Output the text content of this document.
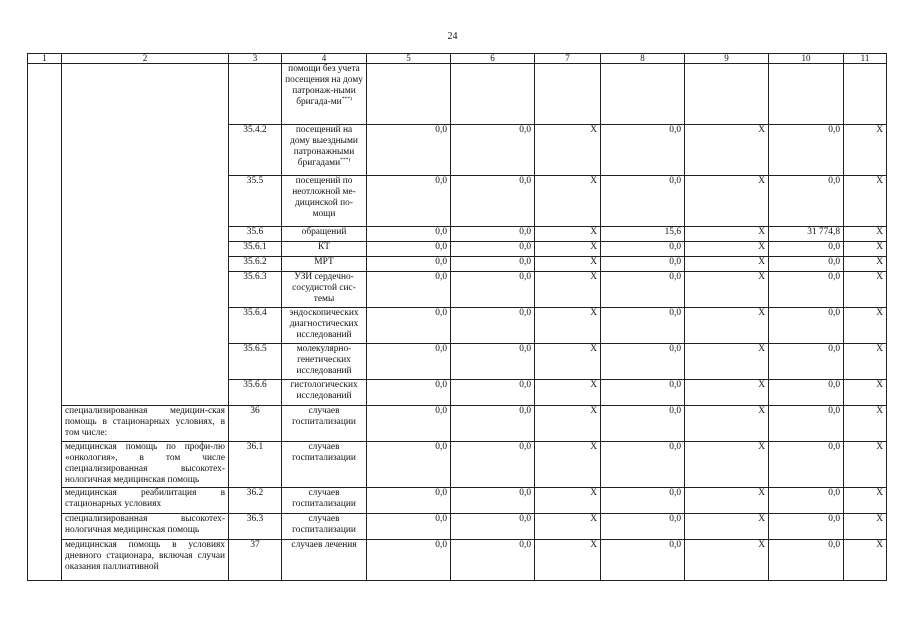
24
1	2	3	4	5	6	7	8	9	10	11
			помощи без учета посещения на дому патронаж-ными бригада-ми***)							
		35.4.2	посещений на дому выездными патронажными бригадами***)	0,0	0,0	Х	0,0	Х	0,0	Х
		35.5	посещений по неотложной ме-дицинской по-мощи	0,0	0,0	Х	0,0	Х	0,0	Х
		35.6	обращений	0,0	0,0	Х	15,6	Х	31 774,8	Х
		35.6.1	КТ	0,0	0,0	Х	0,0	Х	0,0	Х
		35.6.2	МРТ	0,0	0,0	Х	0,0	Х	0,0	Х
		35.6.3	УЗИ сердечно-сосудистой сис-темы	0,0	0,0	Х	0,0	Х	0,0	Х
		35.6.4	эндоскопических диагностических исследований	0,0	0,0	Х	0,0	Х	0,0	Х
		35.6.5	молекулярно-генетических исследований	0,0	0,0	Х	0,0	Х	0,0	Х
		35.6.6	гистологических исследований	0,0	0,0	Х	0,0	Х	0,0	Х
	специализированная медицин-ская помощь в стационарных условиях, в том числе:	36	случаев госпитализации	0,0	0,0	Х	0,0	Х	0,0	Х
	медицинская помощь по профи-лю «онкология», в том числе специализированная высокотех-нологичная медицинская помощь	36.1	случаев госпитализации	0,0	0,0	Х	0,0	Х	0,0	Х
	медицинская реабилитация в стационарных условиях	36.2	случаев госпитализации	0,0	0,0	Х	0,0	Х	0,0	Х
	специализированная высокотех-нологичная медицинская помощь	36.3	случаев госпитализации	0,0	0,0	Х	0,0	Х	0,0	Х
	медицинская помощь в условиях дневного стационара, включая случаи оказания паллиативной	37	случаев лечения	0,0	0,0	Х	0,0	Х	0,0	Х
